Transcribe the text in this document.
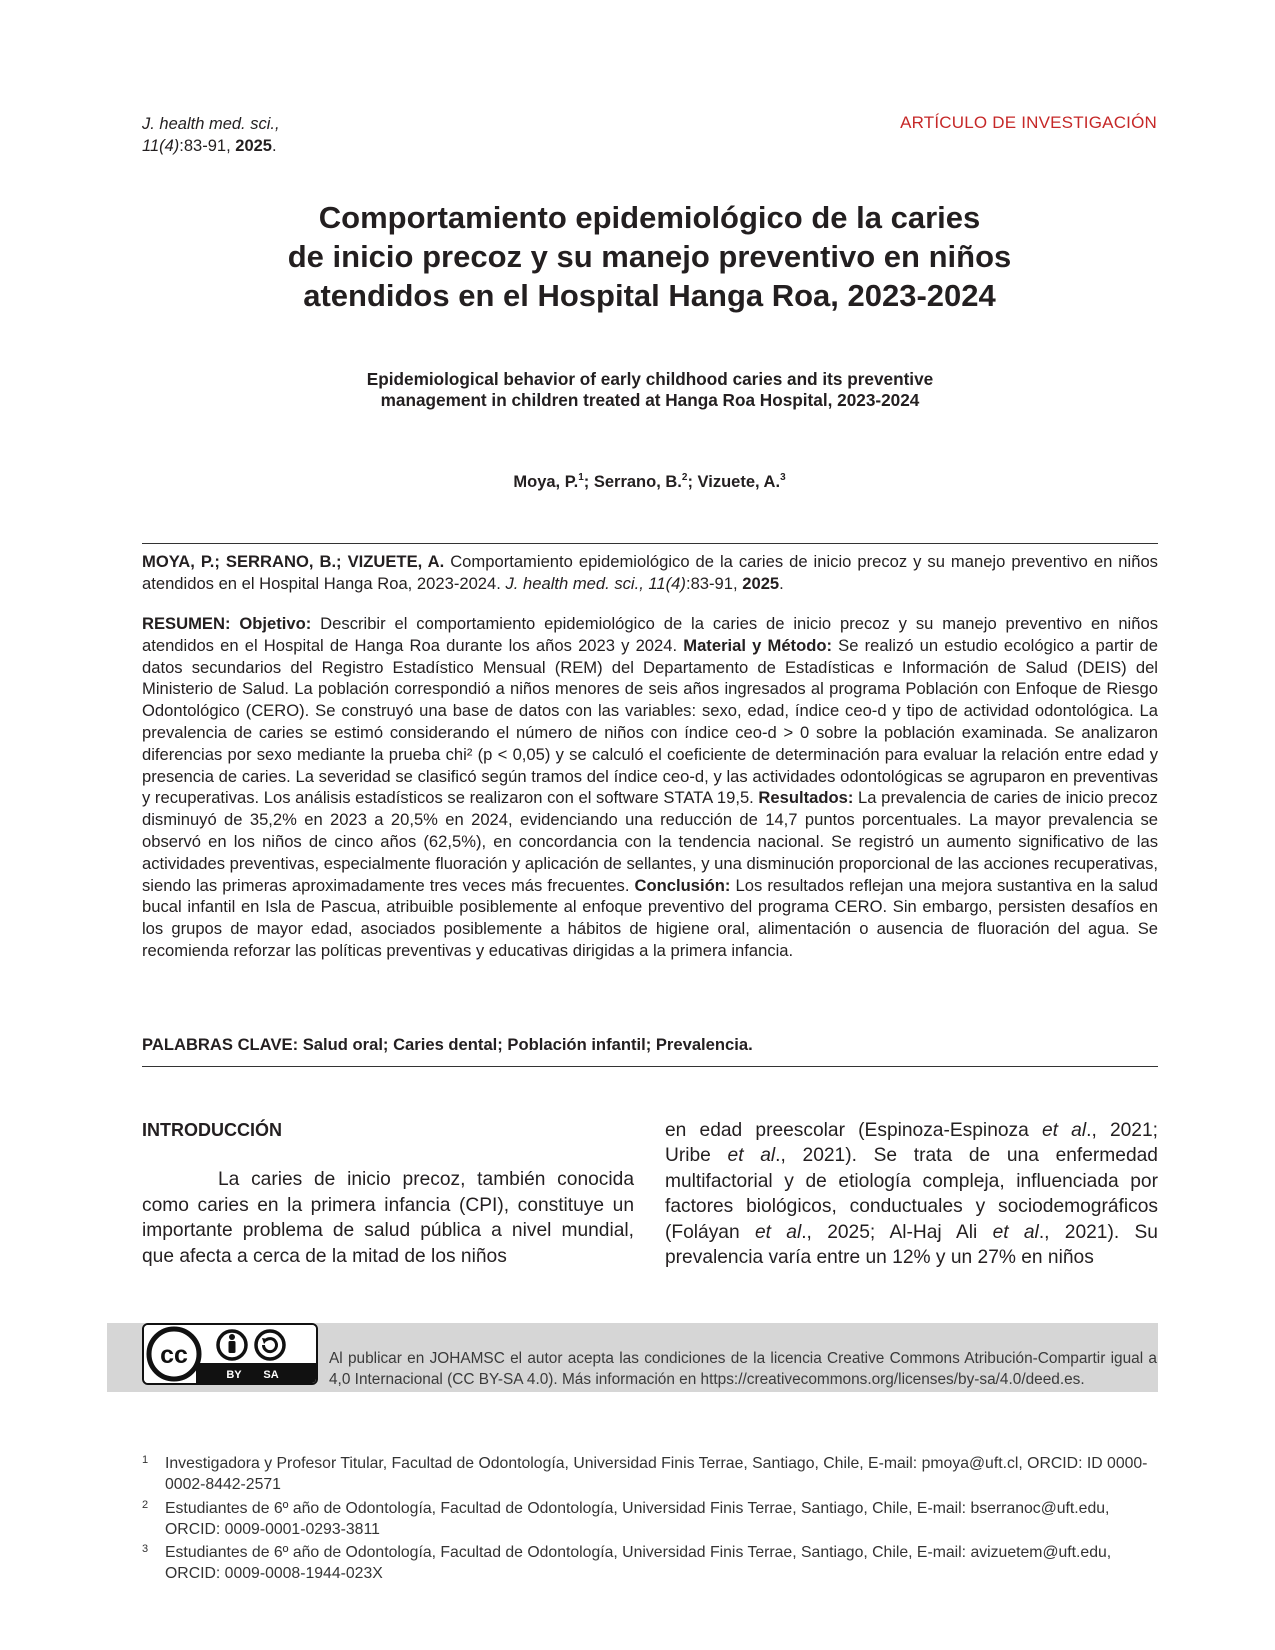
J. health med. sci.,
11(4):83-91, 2025.
ARTÍCULO DE INVESTIGACIÓN
Comportamiento epidemiológico de la caries
de inicio precoz y su manejo preventivo en niños
atendidos en el Hospital Hanga Roa, 2023-2024
Epidemiological behavior of early childhood caries and its preventive
management in children treated at Hanga Roa Hospital, 2023-2024
Moya, P.$^1$; Serrano, B.$^2$; Vizuete, A.$^3$
MOYA, P.; SERRANO, B.; VIZUETE, A. Comportamiento epidemiológico de la caries de inicio precoz y su manejo preventivo en niños atendidos en el Hospital Hanga Roa, 2023-2024. J. health med. sci., 11(4):83-91, 2025.
RESUMEN: Objetivo: Describir el comportamiento epidemiológico de la caries de inicio precoz y su manejo preventivo en niños atendidos en el Hospital de Hanga Roa durante los años 2023 y 2024. Material y Método: Se realizó un estudio ecológico a partir de datos secundarios del Registro Estadístico Mensual (REM) del Departamento de Estadísticas e Información de Salud (DEIS) del Ministerio de Salud. La población correspondió a niños menores de seis años ingresados al programa Población con Enfoque de Riesgo Odontológico (CERO). Se construyó una base de datos con las variables: sexo, edad, índice ceo-d y tipo de actividad odontológica. La prevalencia de caries se estimó considerando el número de niños con índice ceo-d > 0 sobre la población examinada. Se analizaron diferencias por sexo mediante la prueba chi² (p < 0,05) y se calculó el coeficiente de determinación para evaluar la relación entre edad y presencia de caries. La severidad se clasificó según tramos del índice ceo-d, y las actividades odontológicas se agruparon en preventivas y recuperativas. Los análisis estadísticos se realizaron con el software STATA 19,5. Resultados: La prevalencia de caries de inicio precoz disminuyó de 35,2% en 2023 a 20,5% en 2024, evidenciando una reducción de 14,7 puntos porcentuales. La mayor prevalencia se observó en los niños de cinco años (62,5%), en concordancia con la tendencia nacional. Se registró un aumento significativo de las actividades preventivas, especialmente fluoración y aplicación de sellantes, y una disminución proporcional de las acciones recuperativas, siendo las primeras aproximadamente tres veces más frecuentes. Conclusión: Los resultados reflejan una mejora sustantiva en la salud bucal infantil en Isla de Pascua, atribuible posiblemente al enfoque preventivo del programa CERO. Sin embargo, persisten desafíos en los grupos de mayor edad, asociados posiblemente a hábitos de higiene oral, alimentación o ausencia de fluoración del agua. Se recomienda reforzar las políticas preventivas y educativas dirigidas a la primera infancia.
PALABRAS CLAVE: Salud oral; Caries dental; Población infantil; Prevalencia.
INTRODUCCIÓN
La caries de inicio precoz, también conocida como caries en la primera infancia (CPI), constituye un importante problema de salud pública a nivel mundial, que afecta a cerca de la mitad de los niños
en edad preescolar (Espinoza-Espinoza et al., 2021; Uribe et al., 2021). Se trata de una enfermedad multifactorial y de etiología compleja, influenciada por factores biológicos, conductuales y sociodemográficos (Foláyan et al., 2025; Al-Haj Ali et al., 2021). Su prevalencia varía entre un 12% y un 27% en niños
cc
BY SA
Al publicar en JOHAMSC el autor acepta las condiciones de la licencia Creative Commons Atribución-Compartir igual a 4,0 Internacional (CC BY-SA 4.0). Más información en https://creativecommons.org/licenses/by-sa/4.0/deed.es.
1 Investigadora y Profesor Titular, Facultad de Odontología, Universidad Finis Terrae, Santiago, Chile, E-mail: pmoya@uft.cl, ORCID: ID 0000-0002-8442-2571
2 Estudiantes de 6º año de Odontología, Facultad de Odontología, Universidad Finis Terrae, Santiago, Chile, E-mail: bserranoc@uft.edu, ORCID: 0009-0001-0293-3811
3 Estudiantes de 6º año de Odontología, Facultad de Odontología, Universidad Finis Terrae, Santiago, Chile, E-mail: avizuetem@uft.edu, ORCID: 0009-0008-1944-023X
